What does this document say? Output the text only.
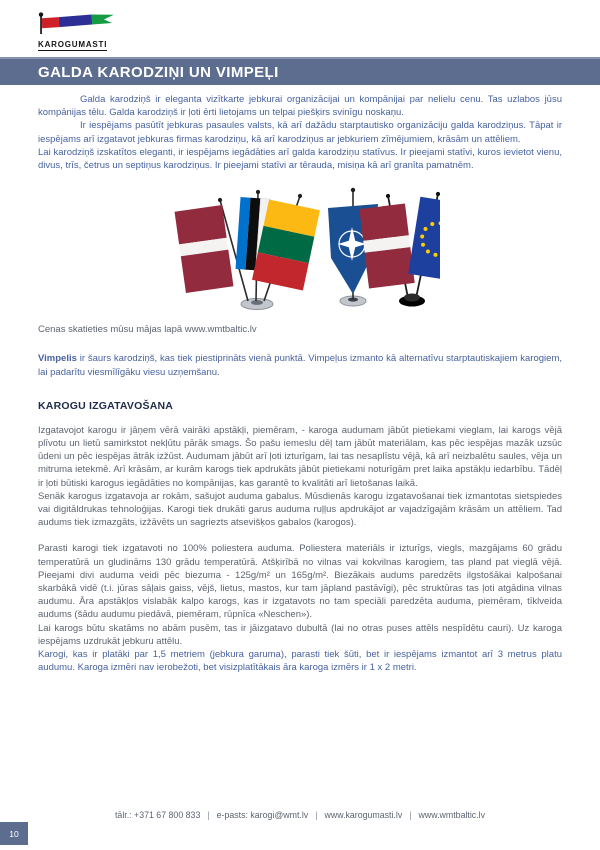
KAROGUMASTI
GALDA KARODZIŅI UN VIMPEĻI

Galda karodziņš ir eleganta vizītkarte jebkurai organizācijai un kompānijai par nelielu cenu. Tas uzlabos jūsu kompānijas tēlu. Galda karodziņš ir ļoti ērti lietojams un telpai piešķirs svinīgu noskaņu.

Ir iespējams pasūtīt jebkuras pasaules valsts, kā arī dažādu starptautisko organizāciju galda karodziņus. Tāpat ir iespējams arī izgatavot jebkuras firmas karodziņu, kā arī karodziņus ar jebkuriem zīmējumiem, krāsām un attēliem.

Lai karodziņš izskatītos eleganti, ir iespējams iegādāties arī galda karodziņu statīvus. Ir pieejami statīvi, kuros ievietot vienu, divus, trīs, četrus un septiņus karodziņus. Ir pieejami statīvi ar tērauda, misiņa kā arī granīta pamatnēm.

Cenas skatieties mūsu mājas lapā www.wmtbaltic.lv

Vimpelis ir šaurs karodziņš, kas tiek piestiprināts vienā punktā. Vimpeļus izmanto kā alternatīvu starptautiskajiem karogiem, lai padarītu viesmīlīgāku viesu uzņemšanu.

KAROGU IZGATAVOŠANA

Izgatavojot karogu ir jāņem vērā vairāki apstākļi, piemēram, - karoga audumam jābūt pietiekami vieglam, lai karogs vējā plīvotu un lietū samirkstot nekļūtu pārāk smags. Šo pašu iemeslu dēļ tam jābūt materiālam, kas pēc iespējas mazāk uzsūc ūdeni un pēc iespējas ātrāk izžūst. Audumam jābūt arī ļoti izturīgam, lai tas nesaplīstu vējā, kā arī neizbalētu saules, vēja un mitruma ietekmē. Arī krāsām, ar kurām karogs tiek apdrukāts jābūt pietiekami noturīgām pret laika apstākļu iedarbību. Tādēļ ir ļoti būtiski karogus iegādāties no kompānijas, kas garantē to kvalitāti arī lietošanas laikā.

Senāk karogus izgatavoja ar rokām, sašujot auduma gabalus. Mūsdienās karogu izgatavošanai tiek izmantotas sietspiedes vai digitāldrukas tehnoloģijas. Karogi tiek drukāti garus auduma ruļļus apdrukājot ar vajadzīgajām krāsām un attēliem. Tad audums tiek izmazgāts, izžāvēts un sagriezts atsevišķos gabalos (karogos).

Parasti karogi tiek izgatavoti no 100% poliestera auduma. Poliestera materiāls ir izturīgs, viegls, mazgājams 60 grādu temperatūrā un gludināms 130 grādu temperatūrā. Atšķirībā no vilnas vai kokvilnas karogiem, tas pland pat vieglā vējā. Pieejami divi auduma veidi pēc biezuma - 125g/m² un 165g/m². Biezākais audums paredzēts ilgstošākai kalpošanai skarbākā vidē (t.i. jūras sāļais gaiss, vējš, lietus, mastos, kur tam jāpland pastāvīgi), pēc struktūras tas ļoti atgādina vilnas audumu. Āra apstākļos vislabāk kalpo karogs, kas ir izgatavots no tam speciāli paredzēta auduma, piemēram, tīklveida audums (šādu audumu piedāvā, piemēram, rūpnīca «Neschen»).

Lai karogs būtu skatāms no abām pusēm, tas ir jāizgatavo dubultā (lai no otras puses attēls nespīdētu cauri). Uz karoga iespējams uzdrukāt jebkuru attēlu.

Karogi, kas ir platāki par 1,5 metriem (jebkura garuma), parasti tiek šūti, bet ir iespējams izmantot arī 3 metrus platu audumu. Karoga izmēri nav ierobežoti, bet visizplatītākais āra karoga izmērs ir 1 x 2 metri.

tālr.: +371 67 800 833 | e-pasts: karogi@wmt.lv | www.karogumasti.lv | www.wmtbaltic.lv
10
